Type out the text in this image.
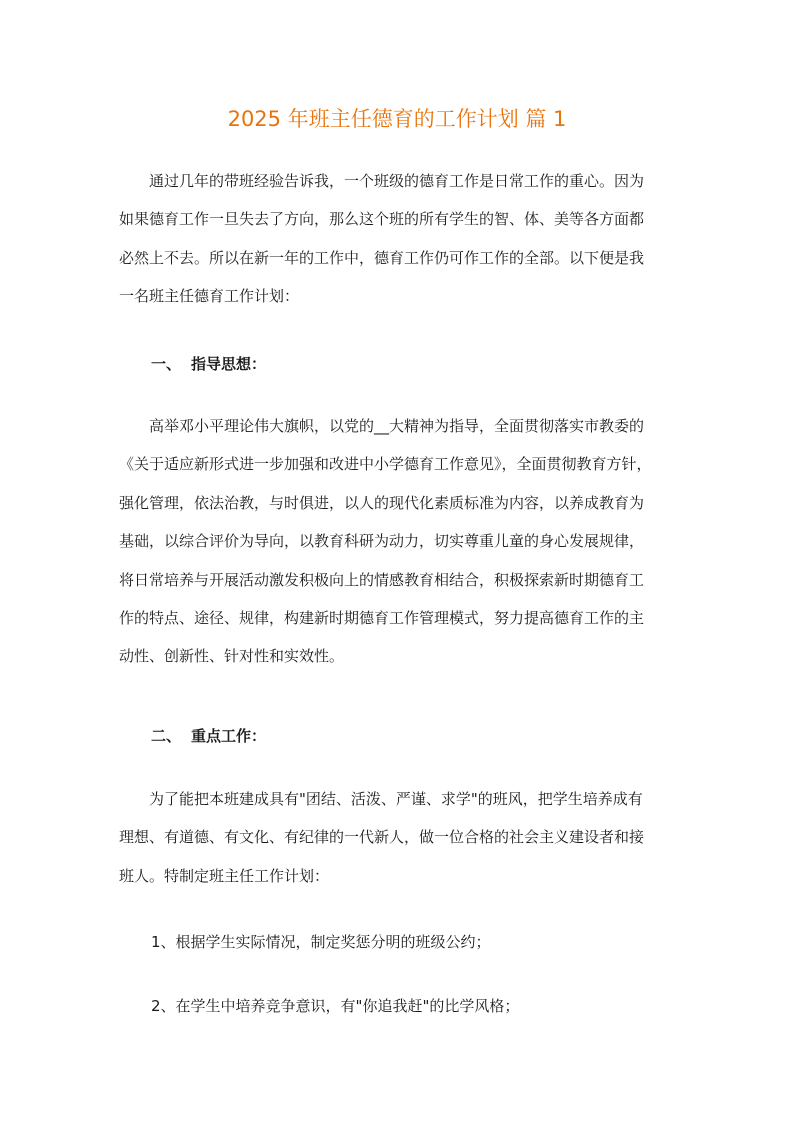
2025 年班主任德育的工作计划 篇 1
　　通过几年的带班经验告诉我，一个班级的德育工作是日常工作的重心。因为
如果德育工作一旦失去了方向，那么这个班的所有学生的智、体、美等各方面都
必然上不去。所以在新一年的工作中，德育工作仍可作工作的全部。以下便是我
一名班主任德育工作计划：
一、 指导思想：
　　高举邓小平理论伟大旗帜，以党的__大精神为指导，全面贯彻落实市教委的
《关于适应新形式进一步加强和改进中小学德育工作意见》，全面贯彻教育方针，
强化管理，依法治教，与时俱进，以人的现代化素质标准为内容，以养成教育为
基础，以综合评价为导向，以教育科研为动力，切实尊重儿童的身心发展规律，
将日常培养与开展活动激发积极向上的情感教育相结合，积极探索新时期德育工
作的特点、途径、规律，构建新时期德育工作管理模式，努力提高德育工作的主
动性、创新性、针对性和实效性。
二、 重点工作：
　　为了能把本班建成具有"团结、活泼、严谨、求学"的班风，把学生培养成有
理想、有道德、有文化、有纪律的一代新人，做一位合格的社会主义建设者和接
班人。特制定班主任工作计划：
1、根据学生实际情况，制定奖惩分明的班级公约；
2、在学生中培养竞争意识，有"你追我赶"的比学风格；
